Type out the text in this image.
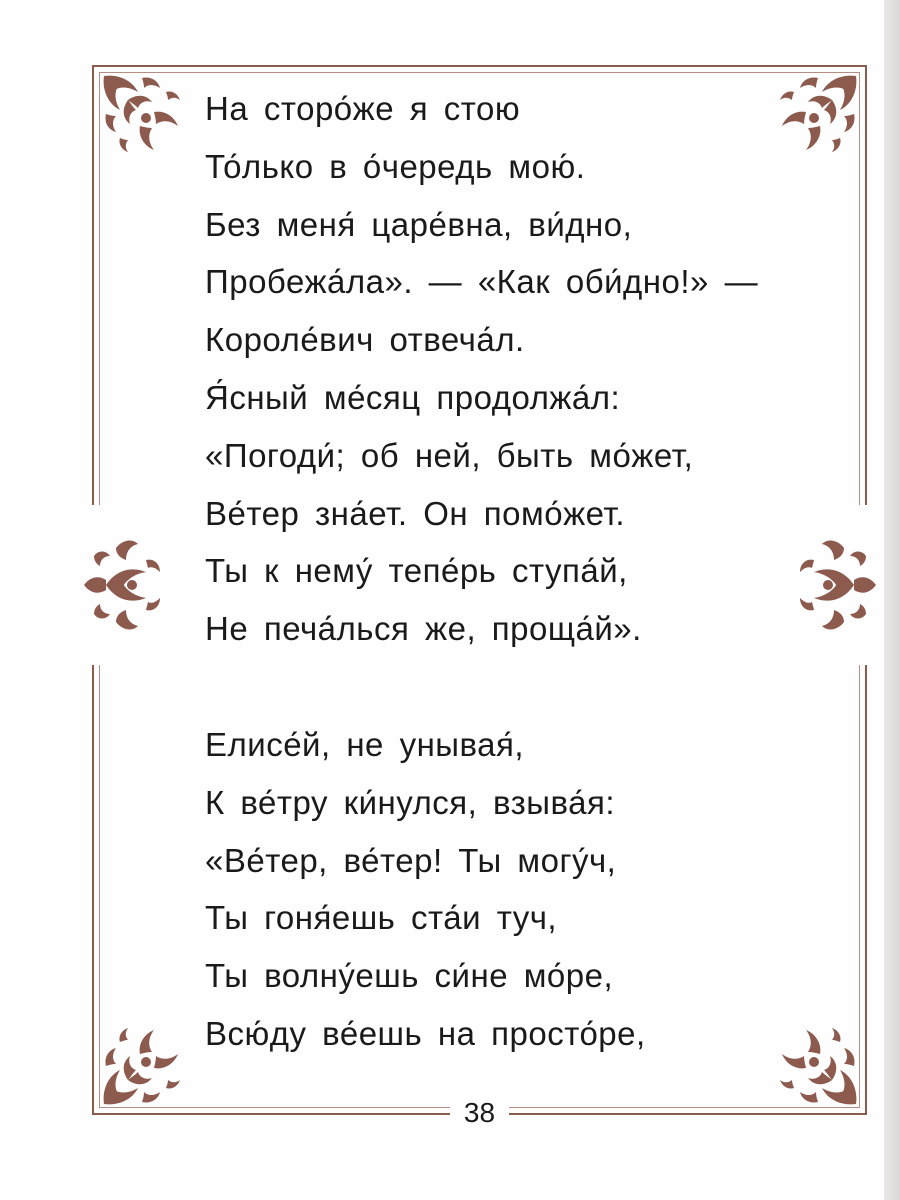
На сторо́же я стою
То́лько в о́чередь мою́.
Без меня́ царе́вна, ви́дно,
Пробежа́ла». — «Как оби́дно!» —
Короле́вич отвеча́л.
Я́сный ме́сяц продолжа́л:
«Погоди́; об ней, быть мо́жет,
Ве́тер зна́ет. Он помо́жет.
Ты к нему́ тепе́рь ступа́й,
Не печа́лься же, проща́й».
Елисе́й, не унывая́,
К ве́тру ки́нулся, взыва́я:
«Ве́тер, ве́тер! Ты могу́ч,
Ты гоня́ешь ста́и туч,
Ты волну́ешь си́не мо́ре,
Всю́ду ве́ешь на просто́ре,
38
